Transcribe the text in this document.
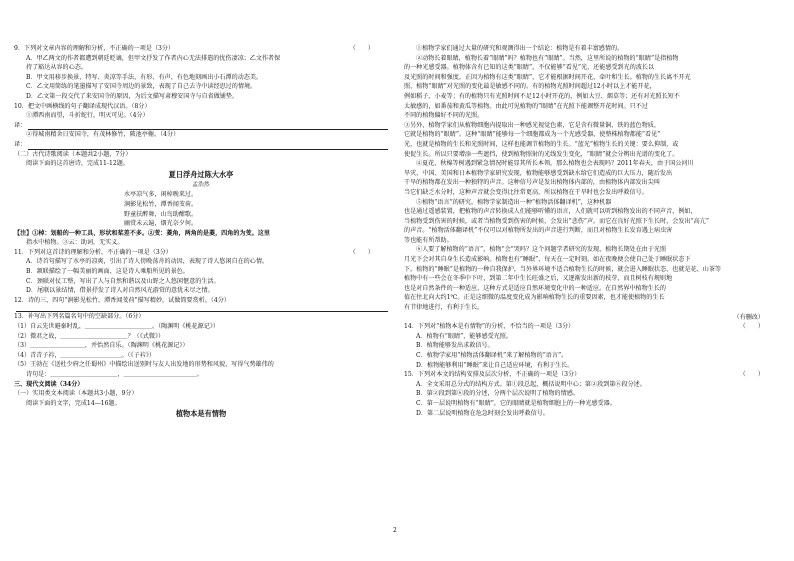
9．下列对文章内容的理解和分析，不正确的一项是（3分）	（　　）
A．甲乙两文的作者都遭到朝廷贬谪，但甲文抒发了作者内心无法排遣的忧伤凄凉；乙文作者保
持了豁达从容的心态。
B．甲文用移步换景，特写、炎凉等手法，有形、有声、有色地刻画出小石潭的动态美。
C．乙文用简练的笔墨描写了安国寺周边的景致，表现了自己去寺中读经思过的情境。
D．乙文第一段交代了来安国寺的原因，为后文描写肃穆安国寺与自省做铺垫。
10．把文中画横线的句子翻译成现代汉语。（8分）
①潭西南而望，斗折蛇行，明灭可见。（4分）
译：
②得城南精舍日安国寺，有茂林修竹，陂池亭榭。（4分）
译：
（二）古代诗歌阅读（本题共2小题，7分）
阅读下面的这首唐诗，完成11-12题。
夏日浮舟过陈大水亭
孟浩然
水亭凉气多，闲棹晚来过。
涧影见松竹，潭香闻芰荷。
野童扶醉舞，山鸟助酣歌。
幽赏未云遍，烟光奈夕何。
【注】①棹：划船的一种工具，形状和桨差不多。②芰：菱角，两角的是菱，四角的为芰。这里
指水中植物。③云：助词，无实义。
11．下列对这首诗的理解和分析，不正确的一项是（3分）	（　　）
A．诗首句描写了水亭的凉爽，引出了诗人傍晚荡舟的动因，表现了诗人悠闲自在的心情。
B．颔联描绘了一幅美丽的画面，这是诗人乘船所见的景色。
C．颈联对仗工整，写出了人与自然和谐以及山野之人悠闲惬意的生活。
D．尾联以景结情，借景抒发了诗人对自然风光游赏的意犹未尽之情。
12．诗的三、四句“涧影见松竹，潭香闻芰荷”描写精妙，试做简要赏析。（4分）
13．补写出下列名篇名句中的空缺部分。（6分）
（1）自云先世避秦时乱，＿＿＿＿＿＿＿＿＿＿＿。（陶渊明《桃花源记》）
（2）微君之故，＿＿＿＿＿＿＿＿＿＿＿？（《式微》）
（3）＿＿＿＿＿＿＿＿＿，并怡然自乐。（陶渊明《桃花源记》）
（4）青青子衿，＿＿＿＿＿＿＿＿＿＿。（《子衿》）
（5）王勃在《送杜少府之任蜀州》中描绘出送别时与友人出发地的形势和风貌，写得气势雄伟的
诗句是：＿＿＿＿＿＿＿＿＿＿＿，＿＿＿＿＿＿＿＿＿＿＿＿。
三、现代文阅读（34分）
（一）实用类文本阅读（本题共3小题，9分）
阅读下面的文字，完成14—16题。
植物本是有情物
①植物学家们通过大量的研究和观测得出一个结论：植物是有着丰富感情的。
②动物长着眼睛，植物长着“眼睛”吗？植物也有“眼睛”。当然，这里所说的植物的“眼睛”是指植物
的一种光感受器。植物体含有已知的这类“眼睛”，不仅能够“看见”光，还能感受到光的波长以
及光照的时间和强度。正因为植物有这类“眼睛”，它才能根据时间开花、牵叶和生长。植物的生长离不开光
照，植物“眼睛”对光照的变化最是敏感不同的。有的植物光照时间超过12小时以上才能开花，
例如稻子、小麦等；有的植物只有光照时间不足12小时开花的，例如大豆、烟草等；还有对光照长短不
太敏感的，如番茄和黄瓜等植物。由此可见植物的“眼睛”在光照下能调整开花时间。只不过
不同的植物偏好不同的光照。
③另外，植物学家们从植物细胞内提取出一种感光视觉色素，它是含有微量铜、铁的蓝色物质，
它就是植物的“眼睛”。这种“眼睛”能够每一个细胞都成为一个光感受器，使整株植物都能“看见”
光，也就是植物的生长和光照时间，这样也能调节植物的生长。“蓝光”植物生长的关键：要么抑制，或
使促生长。所以只要增添一些遮挡，使到植物照射的光线发生变化，“眼睛”就会分辨出光谱的变化了。
④夏花、秋棉等树遇到紧急情况时能显其所长本领，那么植物也会表现吗？2011年春天，由于国公河川
旱灾，中国、美国和日本植物学家研究发现，植物能够感受到缺水给它们造成的巨大压力，随后发出
干旱的植物都在发出一种独特的声音。这种信号声是发出植物体内部的，由植物体内部发出尖叫
当它们缺乏水分时，这种声音就会变得比往常更高，所以植物在干旱时也会发出呼救信号。
⑤植物“语言”的研究。植物学家制造出一种“植物活体翻译机”，这种机器
也是通过遥感装置，把植物的声音转换成人们能够听懂的语言，人们就可以听到植物发出的不同声音，例如，
当植物受到伤害的时候，或者当植物受到伤害的时候，会发出“悲伤”声。而它在良好光照下生长时，会发出“高亢”
的声音。“植物活体翻译机”不仅可以对植物所发出的声音进行判断，而且对植物生长发育遇上病虫害
等也能有所帮助。
⑥人要了解植物的“语言”，植物“会”哭吗？这个问题学者研究的发现，植物长期处在由于光照
月光下会对其自身生长造成影响。植物也有“睡眠”，每天在一定时刻，如在夜晚便会使自己处于睡眠状态下
下。植物的“睡眠”是植物的一种自我保护，当外界环境不适合植物生长的时候，就会进入睡眠状态，也就是花、山茶等
植物中有一些会在冬季中下叶，到第二年中生长旺盛之后，又逐渐发出新的枝芽，而且树枝有规则地
也是对自然条件的一种适应，这种方式是适应自然环境变化中的一种适应。在自然界中植物生长的
值在往北向大约1℃。正是这细微的温度变化成为影响植物生长的重要因素，也才能使植物的生长
有节律地进行，有利于生长。
（有删改）
14．下列对“植物本是有情物”的分析，不恰当的一项是（3分）	（　　）
A．植物有“眼睛”，能够感受光照。
B．植物能够发出求救信号。
C．植物学家用“植物活体翻译机”来了解植物的“语言”。
D．植物能够利用“睡眠”来让自己适应环境，有利于生长。
15．下列对本文的结构安排及层次分析，不正确的一项是（3分）	（　　）
A．全文采用总分式的结构方式。第①段总起，概括说明中心；第②段到第⑥段分述。
B．第②段到第⑥段的分述，分两个层次说明了植物的情感。
C．第一层说明植物有“眼睛”，它的眼睛就是植物细胞上的一种光感受器。
D．第二层说明植物在危急时刻会发出呼救信号。
2
